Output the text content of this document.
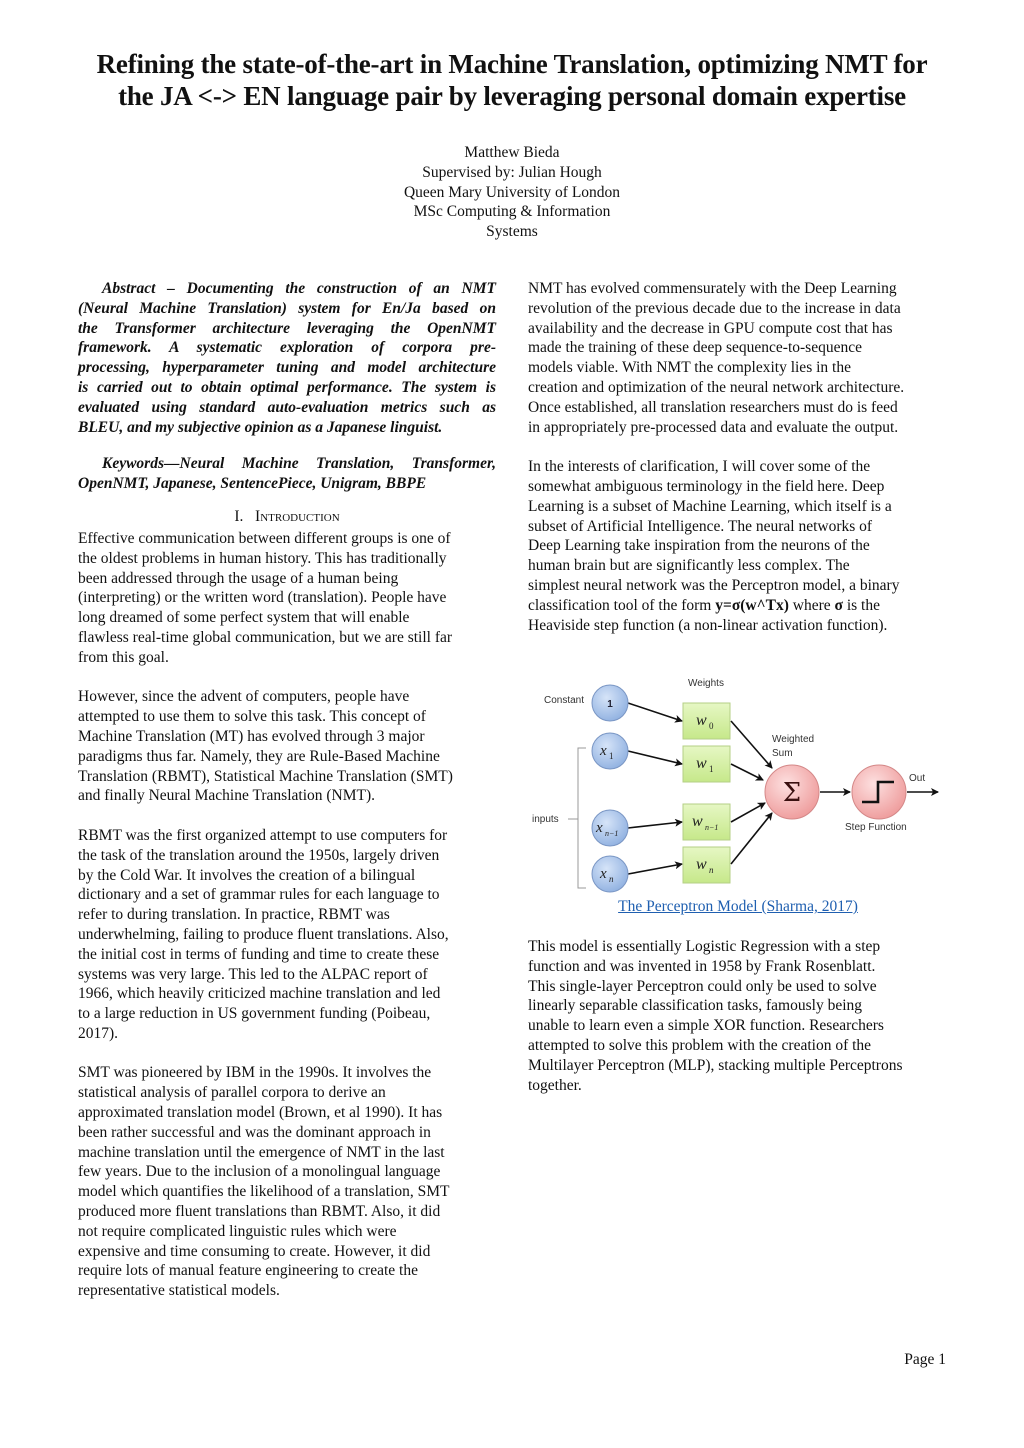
Refining the state-of-the-art in Machine Translation, optimizing NMT for
the JA <-> EN language pair by leveraging personal domain expertise
Matthew Bieda
Supervised by: Julian Hough
Queen Mary University of London
MSc Computing & Information
Systems
Abstract – Documenting the construction of an NMT
(Neural Machine Translation) system for En/Ja based on
the Transformer architecture leveraging the OpenNMT
framework. A systematic exploration of corpora pre-
processing, hyperparameter tuning and model architecture
is carried out to obtain optimal performance. The system is
evaluated using standard auto-evaluation metrics such as
BLEU, and my subjective opinion as a Japanese linguist.
Keywords—Neural Machine Translation, Transformer,
OpenNMT, Japanese, SentencePiece, Unigram, BBPE
I. Introduction
Effective communication between different groups is one of
the oldest problems in human history. This has traditionally
been addressed through the usage of a human being
(interpreting) or the written word (translation). People have
long dreamed of some perfect system that will enable
flawless real-time global communication, but we are still far
from this goal.
However, since the advent of computers, people have
attempted to use them to solve this task. This concept of
Machine Translation (MT) has evolved through 3 major
paradigms thus far. Namely, they are Rule-Based Machine
Translation (RBMT), Statistical Machine Translation (SMT)
and finally Neural Machine Translation (NMT).
RBMT was the first organized attempt to use computers for
the task of the translation around the 1950s, largely driven
by the Cold War. It involves the creation of a bilingual
dictionary and a set of grammar rules for each language to
refer to during translation. In practice, RBMT was
underwhelming, failing to produce fluent translations. Also,
the initial cost in terms of funding and time to create these
systems was very large. This led to the ALPAC report of
1966, which heavily criticized machine translation and led
to a large reduction in US government funding (Poibeau,
2017).
SMT was pioneered by IBM in the 1990s. It involves the
statistical analysis of parallel corpora to derive an
approximated translation model (Brown, et al 1990). It has
been rather successful and was the dominant approach in
machine translation until the emergence of NMT in the last
few years. Due to the inclusion of a monolingual language
model which quantifies the likelihood of a translation, SMT
produced more fluent translations than RBMT. Also, it did
not require complicated linguistic rules which were
expensive and time consuming to create. However, it did
require lots of manual feature engineering to create the
representative statistical models.
NMT has evolved commensurately with the Deep Learning
revolution of the previous decade due to the increase in data
availability and the decrease in GPU compute cost that has
made the training of these deep sequence-to-sequence
models viable. With NMT the complexity lies in the
creation and optimization of the neural network architecture.
Once established, all translation researchers must do is feed
in appropriately pre-processed data and evaluate the output.
In the interests of clarification, I will cover some of the
somewhat ambiguous terminology in the field here. Deep
Learning is a subset of Machine Learning, which itself is a
subset of Artificial Intelligence. The neural networks of
Deep Learning take inspiration from the neurons of the
human brain but are significantly less complex. The
simplest neural network was the Perceptron model, a binary
classification tool of the form y=σ(w^Tx) where σ is the
Heaviside step function (a non-linear activation function).
Weights
Constant
inputs
Weighted
Sum
Step Function
Out
1
x 1
x n−1
x n
w 0
w 1
w n−1
w n
Σ
The Perceptron Model (Sharma, 2017)
This model is essentially Logistic Regression with a step
function and was invented in 1958 by Frank Rosenblatt.
This single-layer Perceptron could only be used to solve
linearly separable classification tasks, famously being
unable to learn even a simple XOR function. Researchers
attempted to solve this problem with the creation of the
Multilayer Perceptron (MLP), stacking multiple Perceptrons
together.
Page 1
